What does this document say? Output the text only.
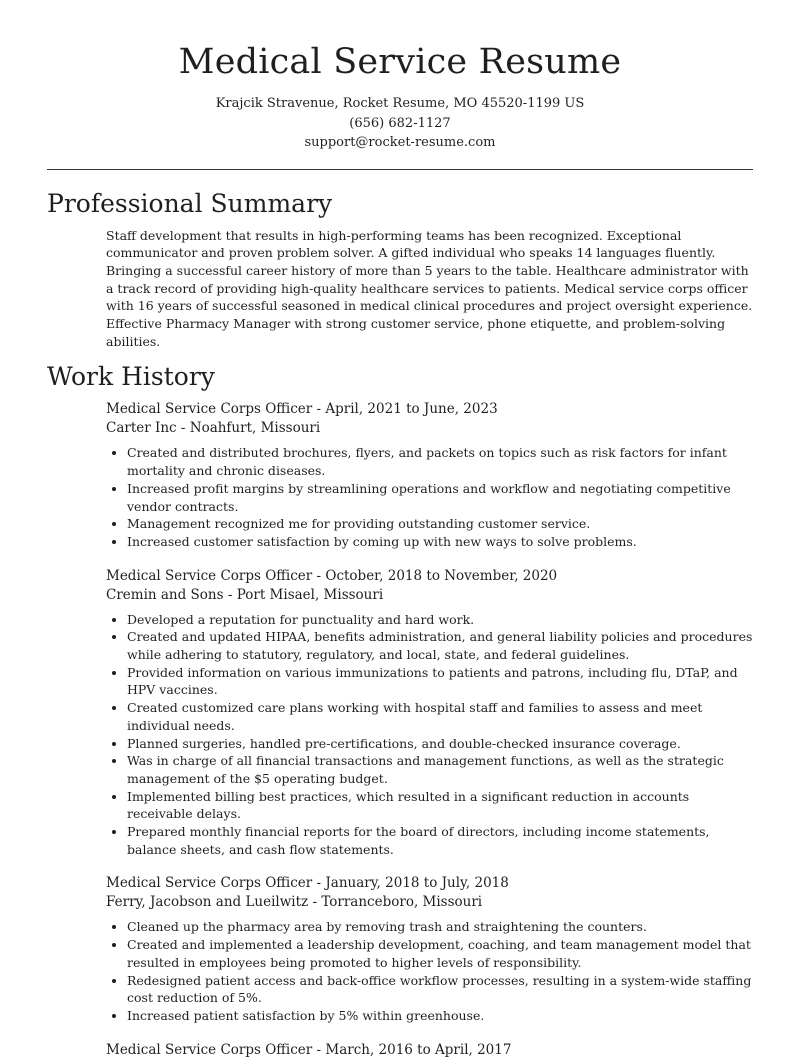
Medical Service Resume
Krajcik Stravenue, Rocket Resume, MO 45520-1199 US
(656) 682-1127
support@rocket-resume.com
Professional Summary

Staff development that results in high-performing teams has been recognized. Exceptional communicator and proven problem solver. A gifted individual who speaks 14 languages fluently. Bringing a successful career history of more than 5 years to the table. Healthcare administrator with a track record of providing high-quality healthcare services to patients. Medical service corps officer with 16 years of successful seasoned in medical clinical procedures and project oversight experience. Effective Pharmacy Manager with strong customer service, phone etiquette, and problem-solving abilities.

Work History
Medical Service Corps Officer - April, 2021 to June, 2023
Carter Inc - Noahfurt, Missouri
• Created and distributed brochures, flyers, and packets on topics such as risk factors for infant mortality and chronic diseases.
• Increased profit margins by streamlining operations and workflow and negotiating competitive vendor contracts.
• Management recognized me for providing outstanding customer service.
• Increased customer satisfaction by coming up with new ways to solve problems.
Medical Service Corps Officer - October, 2018 to November, 2020
Cremin and Sons - Port Misael, Missouri
• Developed a reputation for punctuality and hard work.
• Created and updated HIPAA, benefits administration, and general liability policies and procedures while adhering to statutory, regulatory, and local, state, and federal guidelines.
• Provided information on various immunizations to patients and patrons, including flu, DTaP, and HPV vaccines.
• Created customized care plans working with hospital staff and families to assess and meet individual needs.
• Planned surgeries, handled pre-certifications, and double-checked insurance coverage.
• Was in charge of all financial transactions and management functions, as well as the strategic management of the $5 operating budget.
• Implemented billing best practices, which resulted in a significant reduction in accounts receivable delays.
• Prepared monthly financial reports for the board of directors, including income statements, balance sheets, and cash flow statements.
Medical Service Corps Officer - January, 2018 to July, 2018
Ferry, Jacobson and Lueilwitz - Torranceboro, Missouri
• Cleaned up the pharmacy area by removing trash and straightening the counters.
• Created and implemented a leadership development, coaching, and team management model that resulted in employees being promoted to higher levels of responsibility.
• Redesigned patient access and back-office workflow processes, resulting in a system-wide staffing cost reduction of 5%.
• Increased patient satisfaction by 5% within greenhouse.
Medical Service Corps Officer - March, 2016 to April, 2017
